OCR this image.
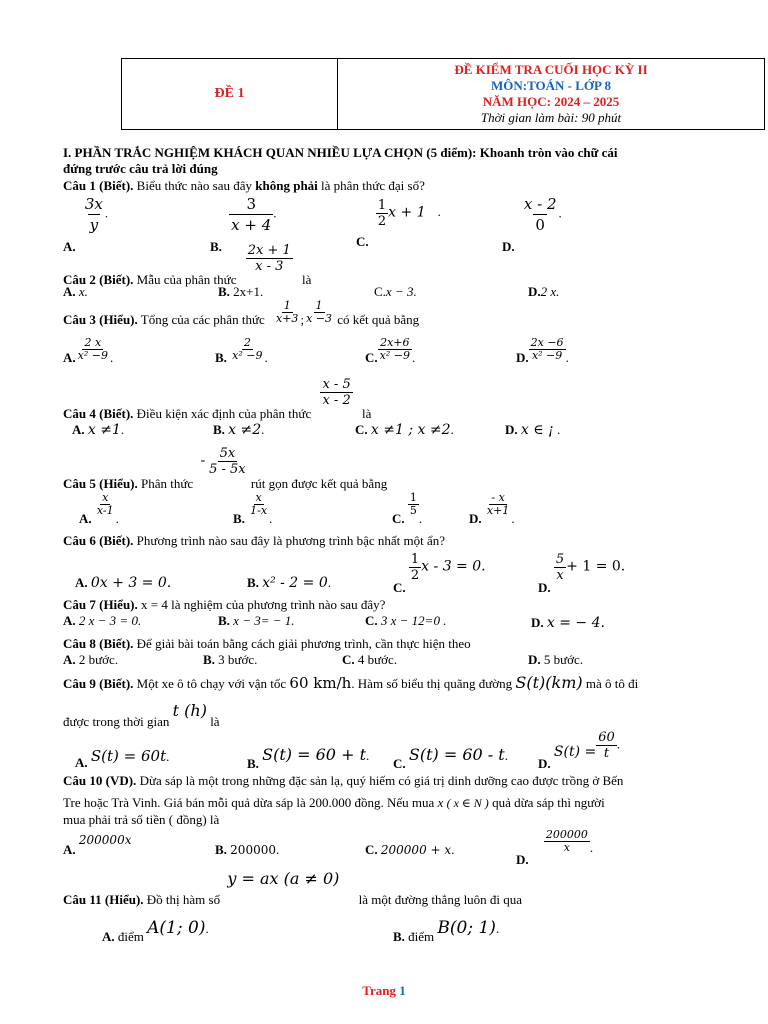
ĐỀ 1
ĐỀ KIỂM TRA CUỐI HỌC KỲ II
MÔN:TOÁN - LỚP 8
NĂM HỌC: 2024 – 2025
Thời gian làm bài: 90 phút
I. PHẦN TRẮC NGHIỆM KHÁCH QUAN NHIỀU LỰA CHỌN (5 điểm): Khoanh tròn vào chữ cái
đứng trước câu trả lời đúng
Câu 1 (Biết). Biểu thức nào sau đây không phải là phân thức đại số?
A.
$\frac{3x}{y}$ .
B.
$\frac{3}{x + 4}$ .
C.
$\frac{1}{2}$ x + 1 .
D.
$\frac{x - 2}{0}$ .
Câu 2 (Biết). Mẫu của phân thức
$\frac{2x + 1}{x - 3}$
là
A. x.	B. 2x+1.	C.x − 3.	D.2 x.
Câu 3 (Hiểu). Tổng của các phân thức $\frac{1}{x+3}$ ; $\frac{1}{x -3}$ có kết quả bằng
A. $\frac{2 x}{\text{x² −9}}$ .	B. $\frac{2}{\text{x² −9}}$ .	C. $\frac{2x+6}{\text{x² −9}}$ .	D. $\frac{2x -6}{\text{x² −9}}$ .
Câu 4 (Biết). Điều kiện xác định của phân thức
$\frac{x - 5}{x - 2}$
là
A. x ≠1.	B. x ≠2.	C. x ≠1 ; x ≠2.	D. x ∈ ¡ .
Câu 5 (Hiểu). Phân thức - $\frac{5x}{5 - 5x}$
rút gọn được kết quả bằng
A.
$\frac{x}{x-1}$
.	B.
$\frac{x}{1-x}$
.	C.
$\frac{1}{5}$
.	D.
$\frac{- x}{x+1}$
.
Câu 6 (Biết). Phương trình nào sau đây là phương trình bậc nhất một ẩn?
A. 0x + 3 = 0.	B. x² - 2 = 0.	C.
$\frac{1}{2}$ x - 3 = 0.
D.
$\frac{5}{x} + 1 = 0$.
Câu 7 (Hiểu). x = 4 là nghiệm của phương trình nào sau đây?
A. 2 x − 3 = 0.	B. x − 3= − 1.	C. 3 x − 12=0 .	D. x = − 4.
Câu 8 (Biết). Để giải bài toán bằng cách giải phương trình, cần thực hiện theo
A. 2 bước.	B. 3 bước.	C. 4 bước.	D. 5 bước.
Câu 9 (Biết). Một xe ô tô chạy với vận tốc 60 km/h. Hàm số biểu thị quãng đường S(t)(km) mà ô tô đi
được trong thời gian t (h) là
A. S(t) = 60t.	B. S(t) = 60 + t.
C. S(t) = 60 - t.
D. $S(t) = \frac{60}{t}$ .
Câu 10 (VD). Dừa sáp là một trong những đặc sản lạ, quý hiếm có giá trị dinh dưỡng cao được trồng ở Bến
Tre hoặc Trà Vinh. Giá bán mỗi quả dừa sáp là 200.000 đồng. Nếu mua x ( x ∈ N ) quả dừa sáp thì người
mua phải trả số tiền ( đồng) là
A. 200000x
B. 200000.	C. 200000 + x.
D.
$\frac{200000}{x}$ .
Câu 11 (Hiểu). Đồ thị hàm số y = ax (a ≠ 0) là một đường thẳng luôn đi qua
A. điểm A(1; 0).
B. điểm B(0; 1).
Trang 1
